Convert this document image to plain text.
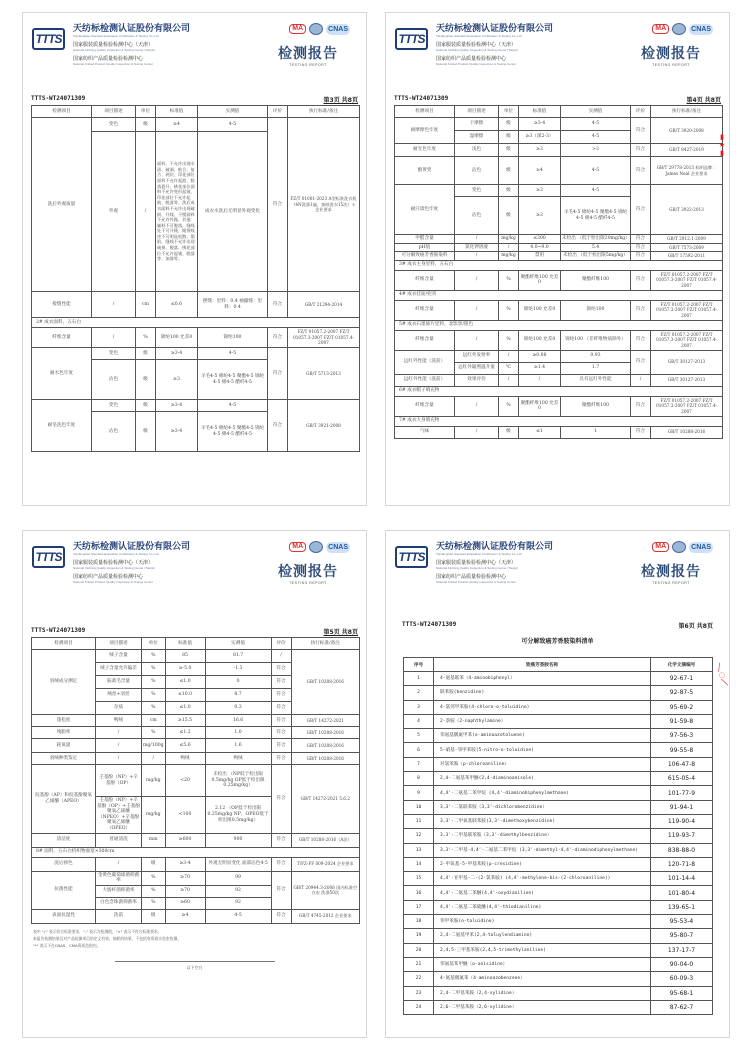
TTTS
天纺标检测认证股份有限公司
Tianfangbiao Standard Evaluation Certification & Testing Co.,Ltd
国家服装质量检验检测中心（天津）
National Clothing Quality Inspection & Testing Center (Tianjin)
国家纺织产品质量检验检测中心
National Knitted Product Quality Inspection & Testing Center
MA	CNAS
检测报告
TESTING REPORT
TTTS-WT24071309	第3页 共8页
检测项目	项目描述	单位	标准值	实测值	评价	执行标准/备注
洗后外观质量	变色	级	≥4	4-5	符合	FZ/T 01001-2023 A型标准洗衣机（4N洗涤1遍，加晾洗衣15次）＊ 企业要求
	外观	/	面料，不允许出现水渍、破洞、粘合、复合、剥层、印花部位面料不允许起泡、脱落裂开、绣花部位面料不允许变形起皱、印花部位不允许起鼓、脱落等、洗后成衣面料不允许出现破损、开线、下摆面料不允许外露、其他：辅料不可脱落，缝线处不可开缝，绳带线迹不可明显松散、塌陷，缝线不允许出现破损、脱落、绣花部位不允许起皱、脱落等、加涤等。	成衣水洗后无明显外观变化		
接缝性能	/	cm	≤0.6	摆缝：里料：0.4 袖窿缝：里料：0.4	符合	GB/T 21294-2014
2# 成衣面料，五石白						
纤维含量	/	%	锦纶100 允差0	锦纶100	符合	FZ/T 01057.2-2007 FZ/T 01057.3-2007 FZ/T 01057.4-2007
耐水色牢度	变色	级	≥3-4	4-5	符合	GB/T 5713-2013
	沾色	级	≥3	羊毛4-5 棉纶4-5 聚酯4-5 锦纶4-5 棉4-5 醋纤4-5		
耐皂洗色牢度	变色	级	≥3-4	4-5	符合	GB/T 3921-2008
	沾色	级	≥3-4	羊毛4-5 棉纶4-5 聚酯4-5 锦纶4-5 棉4-5 醋纤4-5		
TTTS
天纺标检测认证股份有限公司
Tianfangbiao Standard Evaluation Certification & Testing Co.,Ltd
国家服装质量检验检测中心（天津）
National Clothing Quality Inspection & Testing Center (Tianjin)
国家纺织产品质量检验检测中心
National Knitted Product Quality Inspection & Testing Center
MA	CNAS
检测报告
TESTING REPORT
▮
★
▮
TTTS-WT24071309	第4页 共8页
检测项目	项目描述	单位	标准值	实测值	评价	执行标准/备注
耐摩擦色牢度	干摩擦	级	≥3-4	4-5	符合	GB/T 3920-2008
	湿摩擦	级	≥3（深2-3）	4-5		
耐光色牢度	浅色	级	≥3	>3	符合	GB/T 8427-2019
酚黄变	沾色	级	≥4	4-5	符合	GB/T 29778-2013 标明品牌：James Neal 企业要求
耐汗渍色牢度	变色	级	≥3	4-5	符合	GB/T 3922-2013
	沾色	级	≥3	羊毛4-5 棉纶4-5 聚酯4-5 锦纶4-5 棉4-5 醋纤4-5		
甲醛含量	/	mg/kg	≤300	未检出 （低于检出限20mg/kg）	符合	GB/T 2912.1-2009
pH值	氯化钾溶液	/	4.0~9.0	5.4	符合	GB/T 7573-2009
可分解致癌芳香胺染料	/	mg/kg	禁用	未检出 （低于检出限5mg/kg）	符合	GB/T 17592-2011
3# 成衣主身里料，五石白						
纤维含量	/	%	聚酯纤维100 允差0	聚酯纤维100	符合	FZ/T 01057.2-2007 FZ/T 01057.3-2007 FZ/T 01057.4-2007
4# 成衣挂面/兜背						
纤维含量	/	%	锦纶100 允差0	锦纶100	符合	FZ/T 01057.2-2007 FZ/T 01057.3-2007 FZ/T 01057.4-2007
5# 成衣石墨烯片里料，北影黑/银色						
纤维含量	/	%	锦纶100 允差0	锦纶100 （非纤维物质除外）	符合	FZ/T 01057.2-2007 FZ/T 01057.3-2007 FZ/T 01057.4-2007
远红外性能（洗前）	远红外发射率	/	≥0.88	0.93	符合	GB/T 30127-2013
	远红外辐照温升值	℃	≥1.4	1.7		
远红外性能（洗前）	效果评价	/	/	具有远红外性能	/	GB/T 30127-2013
6# 成衣帽子填充物						
纤维含量	/	%	聚酯纤维100 允差0	聚酯纤维100	符合	FZ/T 01057.2-2007 FZ/T 01057.3-2007 FZ/T 01057.4-2007
7# 成衣大身填充物						
气味	/	级	≤1	1	符合	GB/T 10288-2016
TTTS
天纺标检测认证股份有限公司
Tianfangbiao Standard Evaluation Certification & Testing Co.,Ltd
国家服装质量检验检测中心（天津）
National Clothing Quality Inspection & Testing Center (Tianjin)
国家纺织产品质量检验检测中心
National Knitted Product Quality Inspection & Testing Center
MA	CNAS
检测报告
TESTING REPORT
TTTS-WT24071309	第5页 共8页
检测项目	项目描述	单位	标准值	实测值	评价	执行标准/备注
羽绒成分测定	绒子含量	%	85	81.7	/	GB/T 10288-2016
	绒子含量允许偏差	%	≥-5.0	-1.3	符合	
	陆禽毛含量	%	≤1.0	0	符合	
	绒丝+羽丝	%	≤10.0	8.7	符合	
	杂质	%	≤1.0	0.3	符合	
蓬松度	鸭绒	cm	≥15.5	16.6	符合	GB/T 14272-2021
残脂率	/	%	≤1.2	1.0	符合	GB/T 10288-2016
耗氧量	/	mg/100g	≤5.6	1.6	符合	GB/T 10288-2016
羽绒种类鉴定	/	/	鸭绒	鸭绒	符合	GB/T 10288-2016
烷基酚（AP）和烷基酚聚氧乙烯醚（APEO）	壬基酚（NP）+辛基酚（OP）	mg/kg	<20	未检出 （NP低于检出限0.5mg/kg OP低于检出限0.25mg/kg）	符合	GB/T 14272-2021 5.6.2
	壬基酚（NP）+辛基酚（OP）+壬基酚聚氧乙烯醚（NPEO）+辛基酚聚氧乙烯醚（OPEO）	mg/kg	<100	2.12 （OP低于检出限0.25mg/kg NP、OPEO低于检出限0.5mg/kg）		
清洁度	普通清洗	mm	≥600	900	符合	GB/T 10288-2016（A法）
8# 面料，五石白机织物面宽×300cm						
洗后掉色	/	级	≥3-4	外观无明显变化 面部沾色4-5	符合	T/FZ-FF 009-2024 企业要求
抗菌性能	金黄色葡萄球菌抑菌率	%	≥70	99	符合	GB/T 20944.3-2008 国内标准空白布 洗涤50次
	大肠杆菌抑菌率	%	≥70	92		
	白色念珠菌抑菌率	%	≥60	92		
表面抗湿性	洗前	级	≥4	4-5	符合	GB/T 4745-2012 企业要求
表中 "√" 表示符合标准要求，"-" 表示为检测值，"×" 表示不符合标准要求。
本报告检测结果仅对产品检测项目的定义有效，抽样的结果，不包括有资质实验室检测。
"*" 表示不在CNAS、CMA资质范围内。
以下空白
TTTS
天纺标检测认证股份有限公司
Tianfangbiao Standard Evaluation Certification & Testing Co.,Ltd
国家服装质量检验检测中心（天津）
National Clothing Quality Inspection & Testing Center (Tianjin)
国家纺织产品质量检验检测中心
National Knitted Product Quality Inspection & Testing Center
MA	CNAS
检测报告
TESTING REPORT
╱
◌
╲
TTTS-WT24071309	第6页 共8页
可分解致癌芳香胺染料清单
序号	致癌芳香胺名称	化学文摘编号
1	4-氨基联苯（4-aminobiphenyl）	92-67-1
2	联苯胺(benzidine)	92-87-5
3	4-氯邻甲苯胺(4-chloro-o-toluidine)	95-69-2
4	2-萘胺（2-naphthylamine）	91-59-8
5	邻氨基偶氮甲苯(o-aminoazotoluene)	97-56-3
6	5-硝基-邻甲苯胺(5-nitro-o-toluidine)	99-55-8
7	对氯苯胺（p-chloroaniline）	106-47-8
8	2,4-二氨基苯甲醚(2,4-diaminoanisole)	615-05-4
9	4,4'-二氨基二苯甲烷 (4,4'-diaminobiphenylmethane)	101-77-9
10	3,3'-二氯联苯胺（3,3'-dichlorobenzidine）	91-94-1
11	3,3'-二甲氧基联苯胺(3,3'-dimethoxybenzidine)	119-90-4
12	3,3'-二甲基联苯胺（3,3'-dimethylbenzidine）	119-93-7
13	3,3'-二甲基-4,4'-二氨基二苯甲烷 (3,3'-dimethyl-4,4'-diaminodiphenylmethane)	838-88-0
14	2-甲氧基-5-甲基苯胺(p-cresidine)	120-71-8
15	4,4'-亚甲基-二-(2-氯苯胺) (4,4'-methylene-bis-(2-chloroaniline))	101-14-4
16	4,4'-二氨基二苯醚(4,4'-oxydianiline)	101-80-4
17	4,4'-二氨基二苯硫醚(4,4'-thiodianiline)	139-65-1
18	邻甲苯胺(o-toluidine)	95-53-4
19	2,4-二氨基甲苯(2,4-toluylendiamine)	95-80-7
20	2,4,5-三甲基苯胺(2,4,5-trimethylaniline)	137-17-7
21	邻氨基苯甲醚（o-anisidine）	90-04-0
22	4-氨基偶氮苯（4-aminoazobenzene）	60-09-3
23	2,4-二甲基苯胺（2,4-xylidine）	95-68-1
24	2,6-二甲基苯胺（2,6-xylidine）	87-62-7
